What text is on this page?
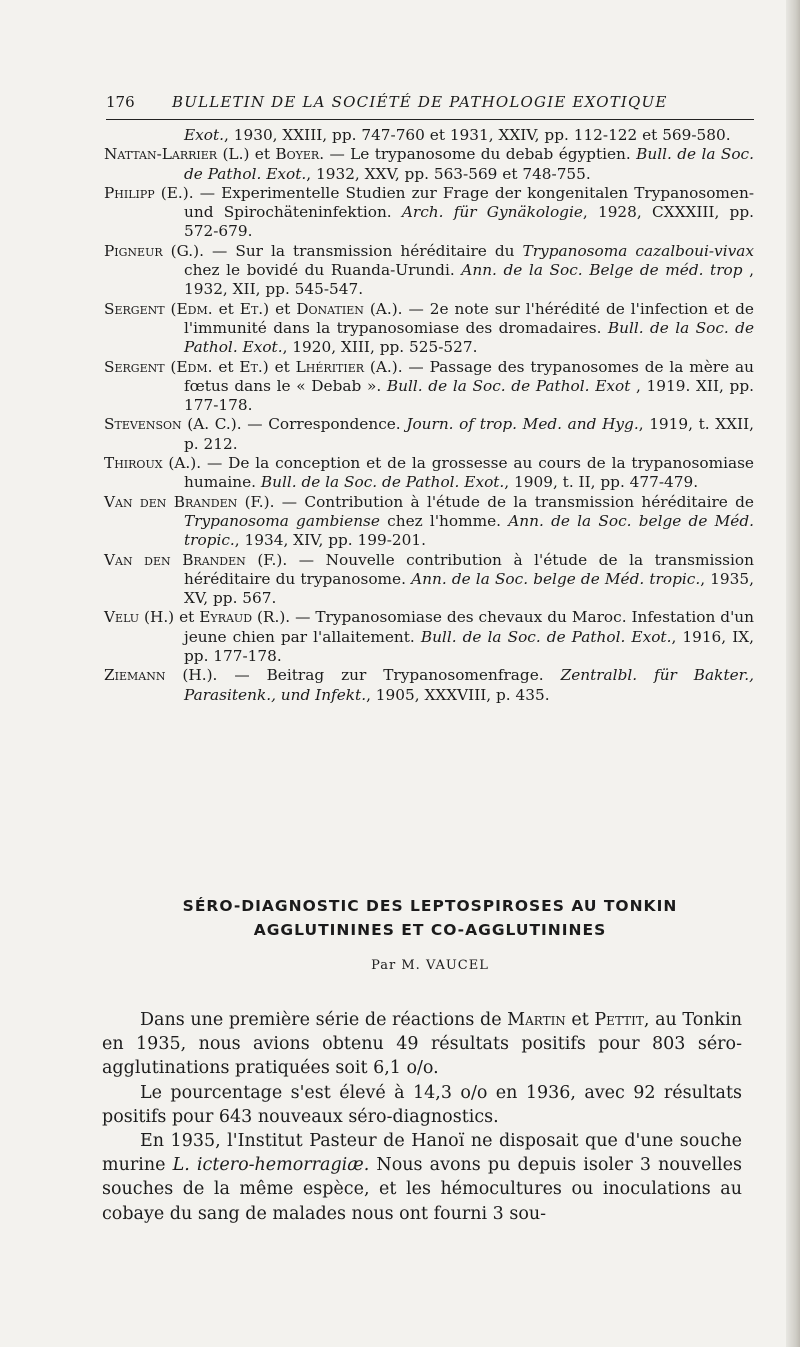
176 BULLETIN DE LA SOCIÉTÉ DE PATHOLOGIE EXOTIQUE

Exot., 1930, XXIII, pp. 747-760 et 1931, XXIV, pp. 112-122 et 569-580.

Nattan-Larrier (L.) et Boyer. — Le trypanosome du debab égyptien. Bull. de la Soc. de Pathol. Exot., 1932, XXV, pp. 563-569 et 748-755.

Philipp (E.). — Experimentelle Studien zur Frage der kongenitalen Trypanosomen- und Spirochäteninfektion. Arch. für Gynäkologie, 1928, CXXXIII, pp. 572-679.

Pigneur (G.). — Sur la transmission héréditaire du Trypanosoma cazalboui-vivax chez le bovidé du Ruanda-Urundi. Ann. de la Soc. Belge de méd. trop , 1932, XII, pp. 545-547.

Sergent (Edm. et Et.) et Donatien (A.). — 2e note sur l'hérédité de l'infection et de l'immunité dans la trypanosomiase des dromadaires. Bull. de la Soc. de Pathol. Exot., 1920, XIII, pp. 525-527.

Sergent (Edm. et Et.) et Lhéritier (A.). — Passage des trypanosomes de la mère au fœtus dans le « Debab ». Bull. de la Soc. de Pathol. Exot , 1919. XII, pp. 177-178.

Stevenson (A. C.). — Correspondence. Journ. of trop. Med. and Hyg., 1919, t. XXII, p. 212.

Thiroux (A.). — De la conception et de la grossesse au cours de la trypanosomiase humaine. Bull. de la Soc. de Pathol. Exot., 1909, t. II, pp. 477-479.

Van den Branden (F.). — Contribution à l'étude de la transmission héréditaire de Trypanosoma gambiense chez l'homme. Ann. de la Soc. belge de Méd. tropic., 1934, XIV, pp. 199-201.

Van den Branden (F.). — Nouvelle contribution à l'étude de la transmission héréditaire du trypanosome. Ann. de la Soc. belge de Méd. tropic., 1935, XV, pp. 567.

Velu (H.) et Eyraud (R.). — Trypanosomiase des chevaux du Maroc. Infestation d'un jeune chien par l'allaitement. Bull. de la Soc. de Pathol. Exot., 1916, IX, pp. 177-178.

Ziemann (H.). — Beitrag zur Trypanosomenfrage. Zentralbl. für Bakter., Parasitenk., und Infekt., 1905, XXXVIII, p. 435.

SÉRO-DIAGNOSTIC DES LEPTOSPIROSES AU TONKIN
AGGLUTININES ET CO-AGGLUTININES
Par M. VAUCEL

Dans une première série de réactions de Martin et Pettit, au Tonkin en 1935, nous avions obtenu 49 résultats positifs pour 803 séro-agglutinations pratiquées soit 6,1 o/o.

Le pourcentage s'est élevé à 14,3 o/o en 1936, avec 92 résultats positifs pour 643 nouveaux séro-diagnostics.

En 1935, l'Institut Pasteur de Hanoï ne disposait que d'une souche murine L. ictero-hemorragiæ. Nous avons pu depuis isoler 3 nouvelles souches de la même espèce, et les hémocultures ou inoculations au cobaye du sang de malades nous ont fourni 3 sou-
